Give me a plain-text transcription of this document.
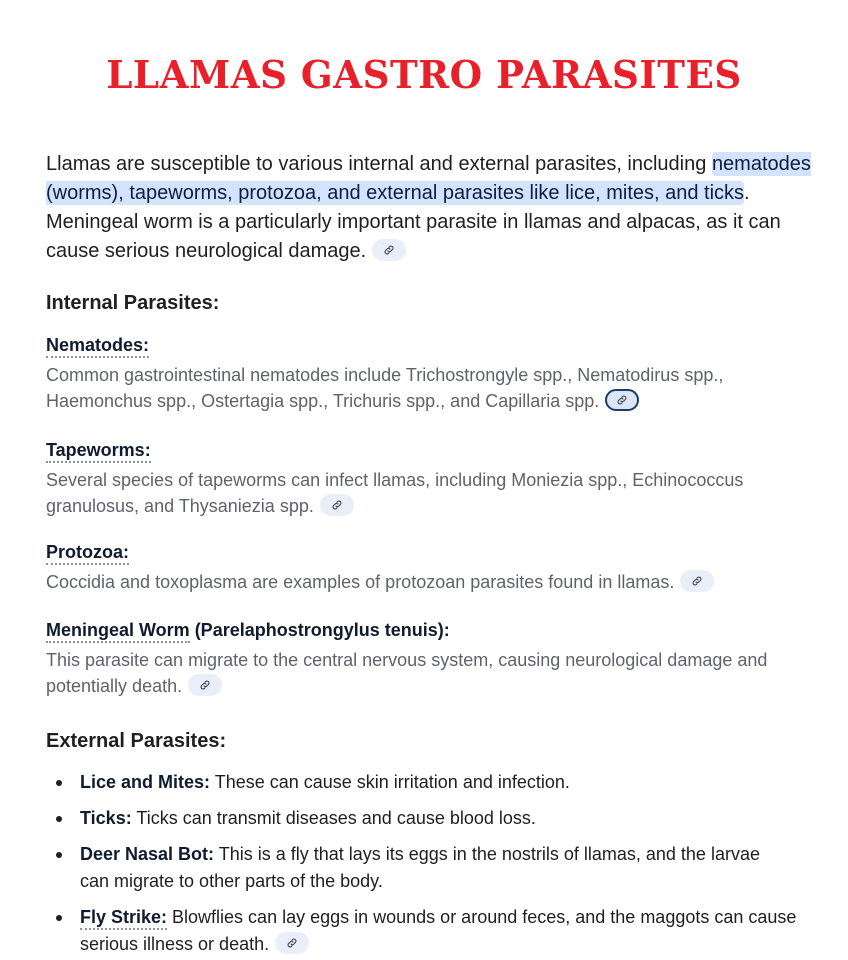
LLAMAS GASTRO PARASITES

Llamas are susceptible to various internal and external parasites, including nematodes (worms), tapeworms, protozoa, and external parasites like lice, mites, and ticks. Meningeal worm is a particularly important parasite in llamas and alpacas, as it can cause serious neurological damage.

Internal Parasites:
Nematodes:

Common gastrointestinal nematodes include Trichostrongyle spp., Nematodirus spp., Haemonchus spp., Ostertagia spp., Trichuris spp., and Capillaria spp.

Tapeworms:

Several species of tapeworms can infect llamas, including Moniezia spp., Echinococcus granulosus, and Thysaniezia spp.

Protozoa:

Coccidia and toxoplasma are examples of protozoan parasites found in llamas.

Meningeal Worm (Parelaphostrongylus tenuis):

This parasite can migrate to the central nervous system, causing neurological damage and potentially death.

External Parasites:
Lice and Mites: These can cause skin irritation and infection.
Ticks: Ticks can transmit diseases and cause blood loss.
Deer Nasal Bot: This is a fly that lays its eggs in the nostrils of llamas, and the larvae can migrate to other parts of the body.
Fly Strike: Blowflies can lay eggs in wounds or around feces, and the maggots can cause serious illness or death.
